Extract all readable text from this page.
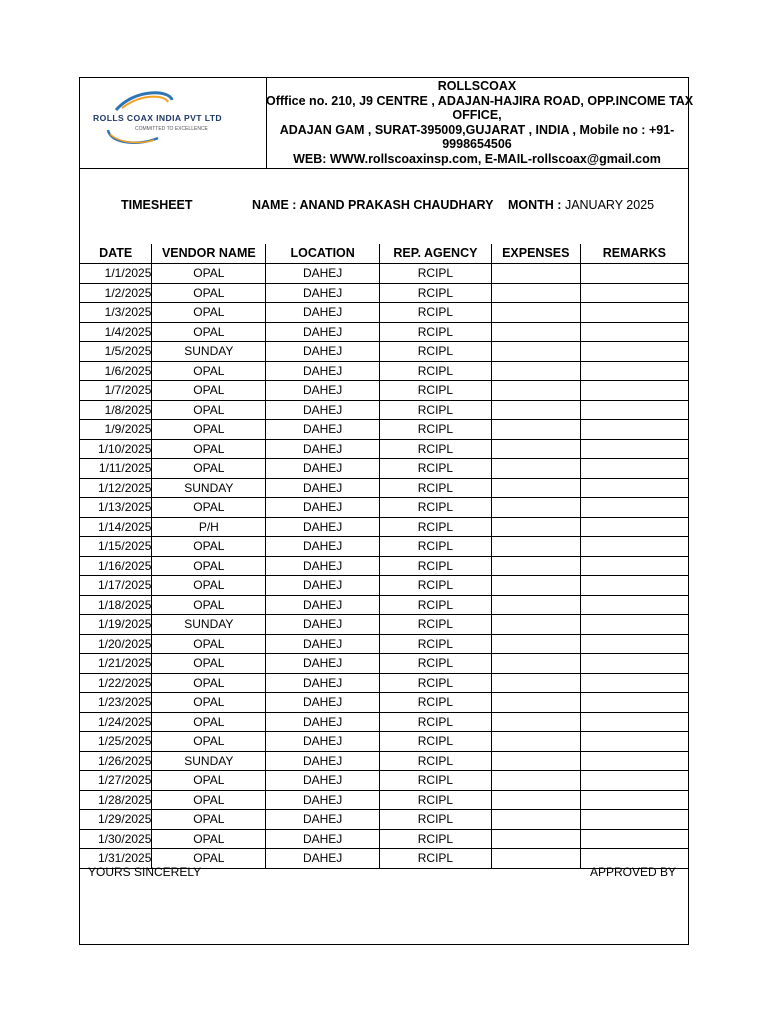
ROLLS COAX INDIA PVT LTD
COMMITTED TO EXCELLENCE
ROLLSCOAX
Offfice no. 210, J9 CENTRE , ADAJAN-HAJIRA ROAD, OPP.INCOME TAX
OFFICE,
ADAJAN GAM , SURAT-395009,GUJARAT , INDIA , Mobile no : +91-
9998654506
WEB: WWW.rollscoaxinsp.com, E-MAIL-rollscoax@gmail.com
TIMESHEET	NAME : ANAND PRAKASH CHAUDHARY MONTH : JANUARY 2025
DATE	VENDOR NAME	LOCATION	REP. AGENCY	EXPENSES	REMARKS
1/1/2025	OPAL	DAHEJ	RCIPL		
1/2/2025	OPAL	DAHEJ	RCIPL		
1/3/2025	OPAL	DAHEJ	RCIPL		
1/4/2025	OPAL	DAHEJ	RCIPL		
1/5/2025	SUNDAY	DAHEJ	RCIPL		
1/6/2025	OPAL	DAHEJ	RCIPL		
1/7/2025	OPAL	DAHEJ	RCIPL		
1/8/2025	OPAL	DAHEJ	RCIPL		
1/9/2025	OPAL	DAHEJ	RCIPL		
1/10/2025	OPAL	DAHEJ	RCIPL		
1/11/2025	OPAL	DAHEJ	RCIPL		
1/12/2025	SUNDAY	DAHEJ	RCIPL		
1/13/2025	OPAL	DAHEJ	RCIPL		
1/14/2025	P/H	DAHEJ	RCIPL		
1/15/2025	OPAL	DAHEJ	RCIPL		
1/16/2025	OPAL	DAHEJ	RCIPL		
1/17/2025	OPAL	DAHEJ	RCIPL		
1/18/2025	OPAL	DAHEJ	RCIPL		
1/19/2025	SUNDAY	DAHEJ	RCIPL		
1/20/2025	OPAL	DAHEJ	RCIPL		
1/21/2025	OPAL	DAHEJ	RCIPL		
1/22/2025	OPAL	DAHEJ	RCIPL		
1/23/2025	OPAL	DAHEJ	RCIPL		
1/24/2025	OPAL	DAHEJ	RCIPL		
1/25/2025	OPAL	DAHEJ	RCIPL		
1/26/2025	SUNDAY	DAHEJ	RCIPL		
1/27/2025	OPAL	DAHEJ	RCIPL		
1/28/2025	OPAL	DAHEJ	RCIPL		
1/29/2025	OPAL	DAHEJ	RCIPL		
1/30/2025	OPAL	DAHEJ	RCIPL		
1/31/2025	OPAL	DAHEJ	RCIPL		
YOURS SINCERELY	APPROVED BY
